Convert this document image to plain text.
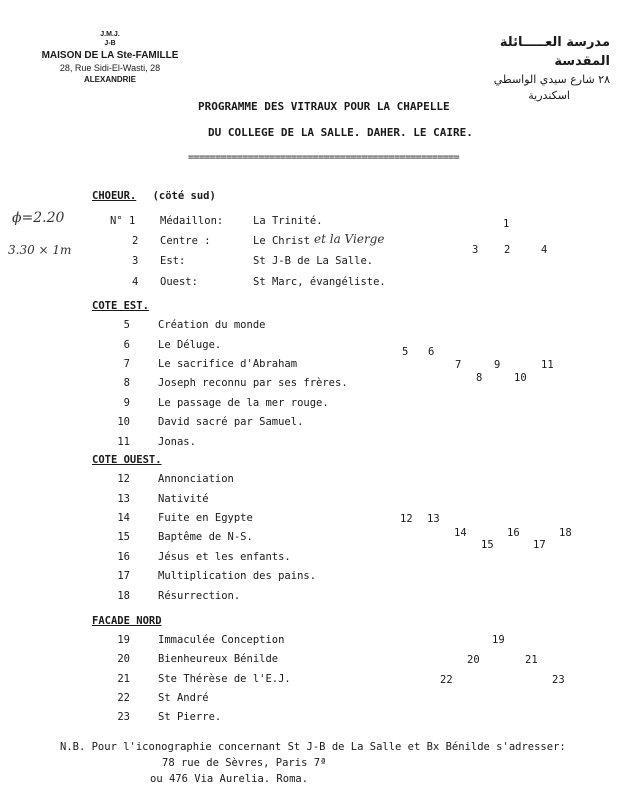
J.M.J.
J-B
MAISON DE LA Ste-FAMILLE
28, Rue Sidi-El-Wasti, 28
ALEXANDRIE
مدرسة العـــــائلة المقدسة
٢٨ شارع سيدي الواسطي
اسكندرية
PROGRAMME DES VITRAUX POUR LA CHAPELLE
DU COLLEGE DE LA SALLE. DAHER. LE CAIRE.
==================================================
ϕ=2.20
3.30 × 1m
CHOEUR. (cöté sud)
N° 1 Médaillon:	La Trinité.
2 Centre :	Le Christ et la Vierge
3 Est:	St J-B de La Salle.
4 Ouest:	St Marc, évangéliste.
COTE EST.
COTE OUEST.
FACADE NORD
5	Création du monde
6	Le Déluge.
7	Le sacrifice d'Abraham
8	Joseph reconnu par ses frères.
9	Le passage de la mer rouge.
10	David sacré par Samuel.
11	Jonas.
12	Annonciation
13	Nativité
14	Fuite en Egypte
15	Baptême de N-S.
16	Jésus et les enfants.
17	Multiplication des pains.
18	Résurrection.
19	Immaculée Conception
20	Bienheureux Bénilde
21	Ste Thérèse de l'E.J.
22	St André
23	St Pierre.
1
3 2	4
5 6
7	9
8	10
11
12 13
14	16	18
15	17
19
20	21
22	23
N.B. Pour l'iconographie concernant St J-B de La Salle et Bx Bénilde s'adresser:
78 rue de Sèvres, Paris 7ª
ou 476 Via Aurelia. Roma.
